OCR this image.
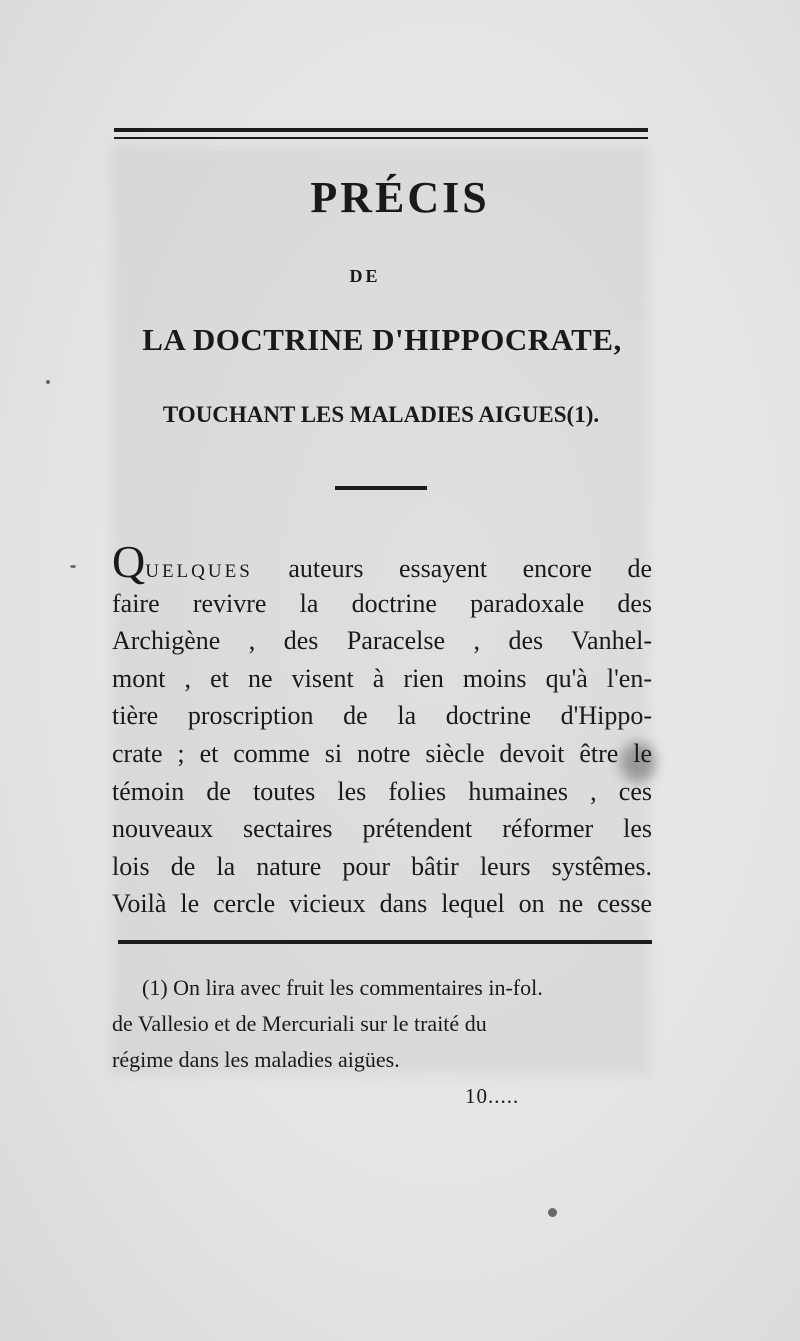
PRÉCIS
DE
LA DOCTRINE D'HIPPOCRATE,
TOUCHANT LES MALADIES AIGUES(1).
QUELQUES auteurs essayent encore de
faire revivre la doctrine paradoxale des
Archigène , des Paracelse , des Vanhel-
mont , et ne visent à rien moins qu'à l'en-
tière proscription de la doctrine d'Hippo-
crate ; et comme si notre siècle devoit être le
témoin de toutes les folies humaines , ces
nouveaux sectaires prétendent réformer les
lois de la nature pour bâtir leurs systêmes.
Voilà le cercle vicieux dans lequel on ne cesse
(1) On lira avec fruit les commentaires in-fol.
de Vallesio et de Mercuriali sur le traité du
régime dans les maladies aigües.
10.....
